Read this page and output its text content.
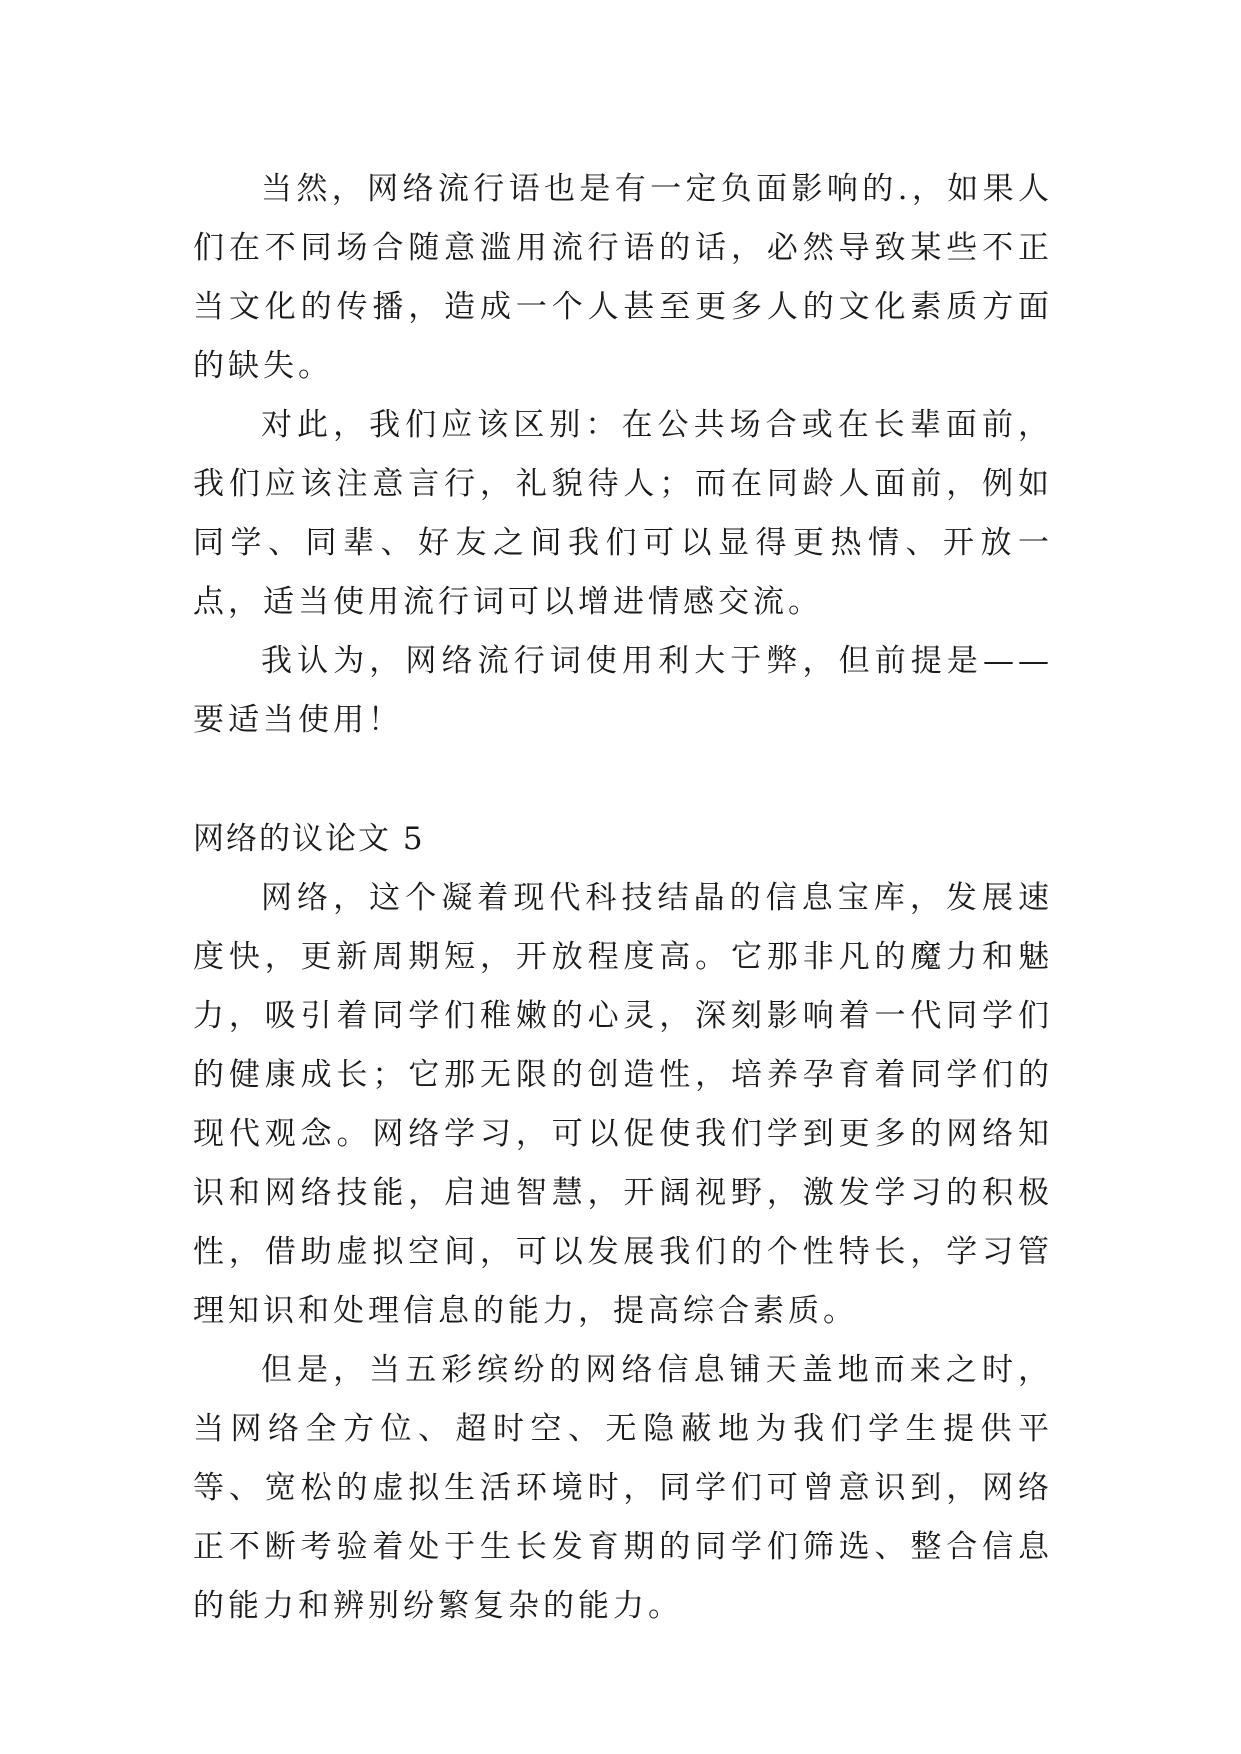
当然，网络流行语也是有一定负面影响的.，如果人们在不同场合随意滥用流行语的话，必然导致某些不正当文化的传播，造成一个人甚至更多人的文化素质方面的缺失。

对此，我们应该区别：在公共场合或在长辈面前，我们应该注意言行，礼貌待人；而在同龄人面前，例如同学、同辈、好友之间我们可以显得更热情、开放一点，适当使用流行词可以增进情感交流。

我认为，网络流行词使用利大于弊，但前提是——要适当使用！

网络的议论文 5

网络，这个凝着现代科技结晶的信息宝库，发展速度快，更新周期短，开放程度高。它那非凡的魔力和魅力，吸引着同学们稚嫩的心灵，深刻影响着一代同学们的健康成长；它那无限的创造性，培养孕育着同学们的现代观念。网络学习，可以促使我们学到更多的网络知识和网络技能，启迪智慧，开阔视野，激发学习的积极性，借助虚拟空间，可以发展我们的个性特长，学习管理知识和处理信息的能力，提高综合素质。

但是，当五彩缤纷的网络信息铺天盖地而来之时，当网络全方位、超时空、无隐蔽地为我们学生提供平等、宽松的虚拟生活环境时，同学们可曾意识到，网络正不断考验着处于生长发育期的同学们筛选、整合信息的能力和辨别纷繁复杂的能力。
